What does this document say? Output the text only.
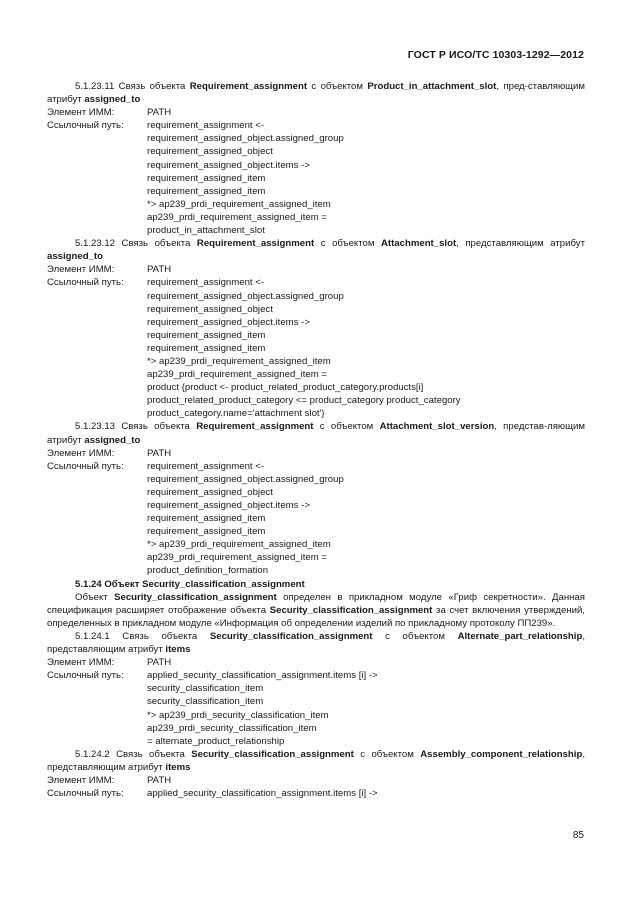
ГОСТ Р ИСО/ТС 10303-1292—2012

5.1.23.11 Связь объекта Requirement_assignment с объектом Product_in_attachment_slot, пред-ставляющим атрибут assigned_to

Элемент ИММ:	PATH
Ссылочный путь:	requirement_assignment <-
requirement_assigned_object.assigned_group
requirement_assigned_object
requirement_assigned_object.items ->
requirement_assigned_item
requirement_assigned_item
*> ap239_prdi_requirement_assigned_item
ap239_prdi_requirement_assigned_item =
product_in_attachment_slot

5.1.23.12 Связь объекта Requirement_assignment с объектом Attachment_slot, представляющим атрибут assigned_to

Элемент ИММ:	PATH
Ссылочный путь:	requirement_assignment <-
requirement_assigned_object.assigned_group
requirement_assigned_object
requirement_assigned_object.items ->
requirement_assigned_item
requirement_assigned_item
*> ap239_prdi_requirement_assigned_item
ap239_prdi_requirement_assigned_item =
product {product <- product_related_product_category.products[i]
product_related_product_category <= product_category product_category
product_category.name='attachment slot'}

5.1.23.13 Связь объекта Requirement_assignment с объектом Attachment_slot_version, представ-ляющим атрибут assigned_to

Элемент ИММ:	PATH
Ссылочный путь:	requirement_assignment <-
requirement_assigned_object.assigned_group
requirement_assigned_object
requirement_assigned_object.items ->
requirement_assigned_item
requirement_assigned_item
*> ap239_prdi_requirement_assigned_item
ap239_prdi_requirement_assigned_item =
product_definition_formation

5.1.24 Объект Security_classification_assignment

Объект Security_classification_assignment определен в прикладном модуле «Гриф секретности». Данная спецификация расширяет отображение объекта Security_classification_assignment за счет включения утверждений, определенных в прикладном модуле «Информация об определении изделий по прикладному протоколу ПП239».

5.1.24.1 Связь объекта Security_classification_assignment с объектом Alternate_part_relationship, представляющим атрибут items

Элемент ИММ:	PATH
Ссылочный путь:	applied_security_classification_assignment.items [i] ->
security_classification_item
security_classification_item
*> ap239_prdi_security_classification_item
ap239_prdi_security_classification_item
= alternate_product_relationship

5.1.24.2 Связь объекта Security_classification_assignment с объектом Assembly_component_relationship, представляющим атрибут items

Элемент ИММ:	PATH
Ссылочный путь:	applied_security_classification_assignment.items [i] ->
85
